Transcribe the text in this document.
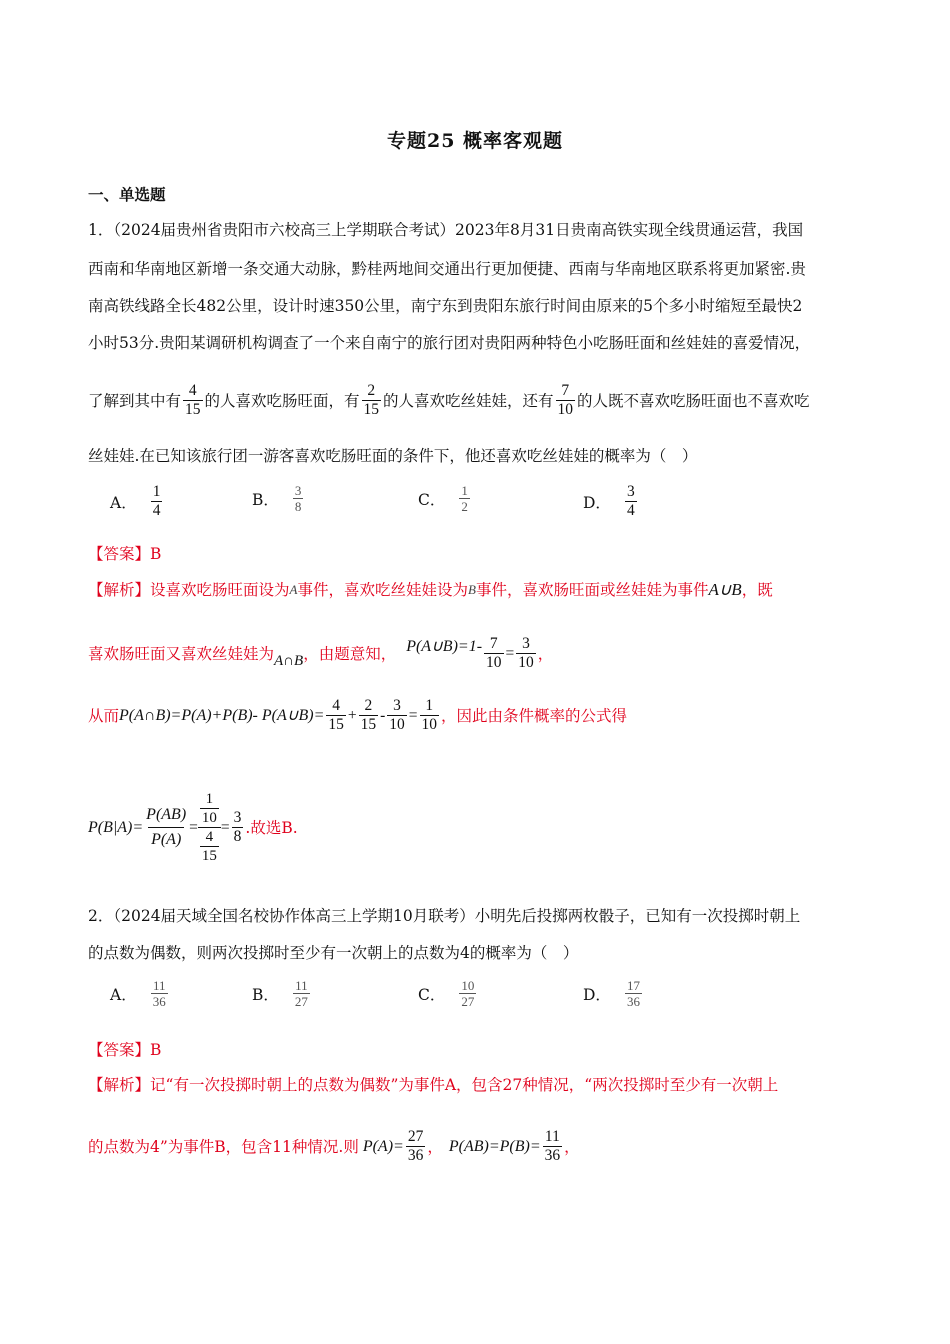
专题25 概率客观题
一、单选题
1．（2024届贵州省贵阳市六校高三上学期联合考试）2023年8月31日贵南高铁实现全线贯通运营，我国
西南和华南地区新增一条交通大动脉，黔桂两地间交通出行更加便捷、西南与华南地区联系将更加紧密.贵
南高铁线路全长482公里，设计时速350公里，南宁东到贵阳东旅行时间由原来的5个多小时缩短至最快2
小时53分.贵阳某调研机构调查了一个来自南宁的旅行团对贵阳两种特色小吃肠旺面和丝娃娃的喜爱情况，
了解到其中有 $\frac{4}{15}$ 的人喜欢吃肠旺面，有 $\frac{2}{15}$ 的人喜欢吃丝娃娃，还有 $\frac{7}{10}$ 的人既不喜欢吃肠旺面也不喜欢吃
丝娃娃.在已知该旅行团一游客喜欢吃肠旺面的条件下，他还喜欢吃丝娃娃的概率为（　）
A． $\frac{1}{4}$	B． $\frac{3}{8}$	C． $\frac{1}{2}$	D． $\frac{3}{4}$
【答案】B
【解析】 设喜欢吃肠旺面设为 A 事件，喜欢吃丝娃娃设为 B 事件，喜欢肠旺面或丝娃娃为事件 A∪B ，既
喜欢肠旺面又喜欢丝娃娃为 A∩B ，由题意知， P(A∪B)=1- $\frac{7}{10} = \frac{3}{10}$ ，
从而 P(A∩B)=P(A)+P(B)- P(A∪B)= $\frac{4}{15} + \frac{2}{15} - \frac{3}{10} = \frac{1}{10}$ ，因此由条件概率的公式得
$P(B|A)= \frac{P(AB)}{P(A)} = \frac{\frac{1}{10}}{\frac{4}{15}} = \frac{3}{8}$ .故选B.
2．（2024届天域全国名校协作体高三上学期10月联考）小明先后投掷两枚骰子，已知有一次投掷时朝上
的点数为偶数，则两次投掷时至少有一次朝上的点数为4的概率为（　）
A． $\frac{11}{36}$	B． $\frac{11}{27}$	C． $\frac{10}{27}$	D． $\frac{17}{36}$
【答案】B
【解析】 记“有一次投掷时朝上的点数为偶数”为事件A，包含27种情况，“两次投掷时至少有一次朝上
的点数为4”为事件B，包含11种情况.则 $P(A)= \frac{27}{36}$ ， $P(AB)=P(B)= \frac{11}{36}$ ，
